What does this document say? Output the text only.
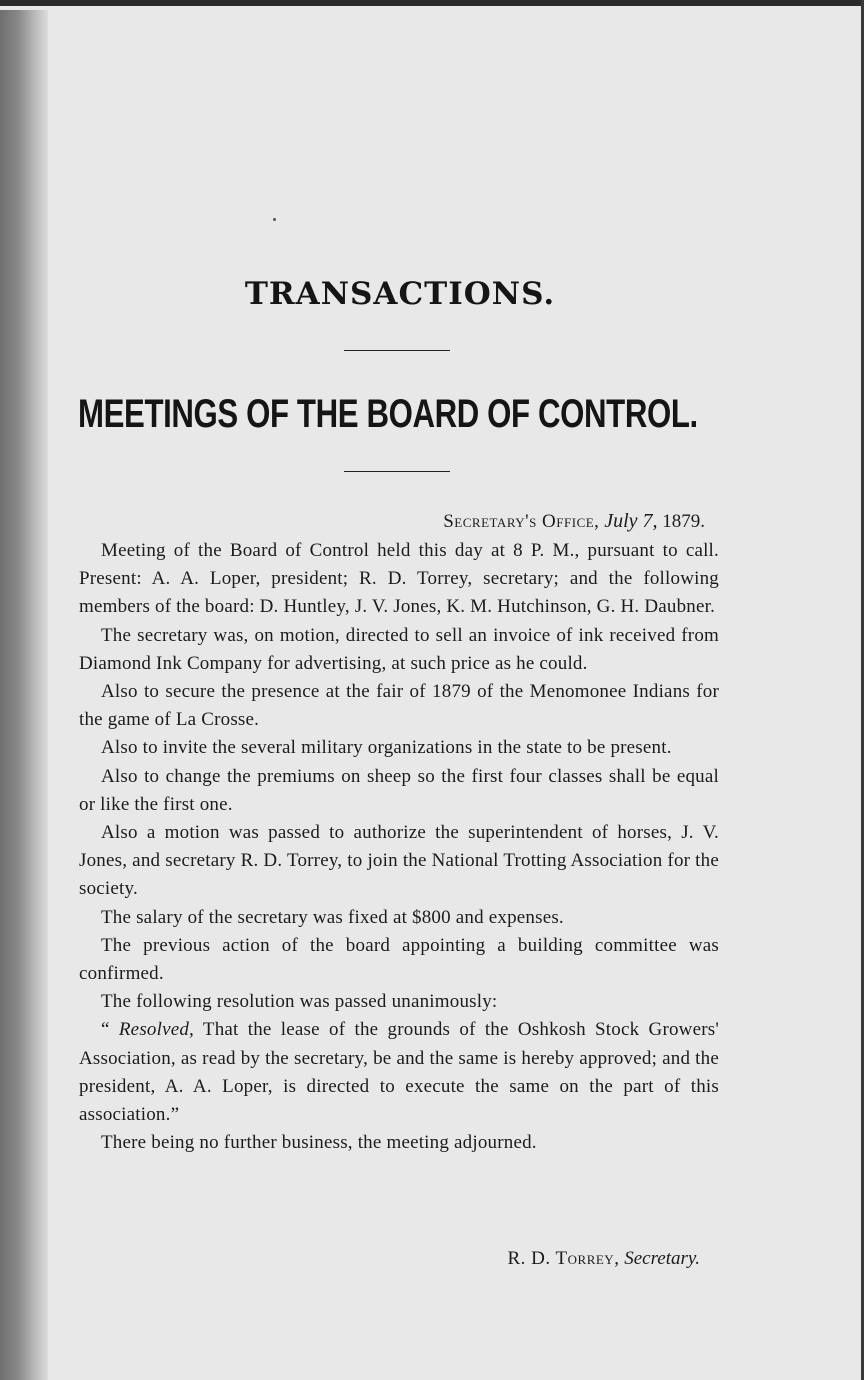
TRANSACTIONS.
MEETINGS OF THE BOARD OF CONTROL.
Secretary's Office, July 7, 1879.

Meeting of the Board of Control held this day at 8 P. M., pursuant to call. Present: A. A. Loper, president; R. D. Torrey, secretary; and the following members of the board: D. Huntley, J. V. Jones, K. M. Hutchinson, G. H. Daubner.

The secretary was, on motion, directed to sell an invoice of ink received from Diamond Ink Company for advertising, at such price as he could.

Also to secure the presence at the fair of 1879 of the Menomonee Indians for the game of La Crosse.

Also to invite the several military organizations in the state to be present.

Also to change the premiums on sheep so the first four classes shall be equal or like the first one.

Also a motion was passed to authorize the superintendent of horses, J. V. Jones, and secretary R. D. Torrey, to join the National Trotting Association for the society.

The salary of the secretary was fixed at $800 and expenses.

The previous action of the board appointing a building committee was confirmed.

The following resolution was passed unanimously:

“ Resolved, That the lease of the grounds of the Oshkosh Stock Growers' Association, as read by the secretary, be and the same is hereby approved; and the president, A. A. Loper, is directed to execute the same on the part of this association.”

There being no further business, the meeting adjourned.

R. D. Torrey, Secretary.
